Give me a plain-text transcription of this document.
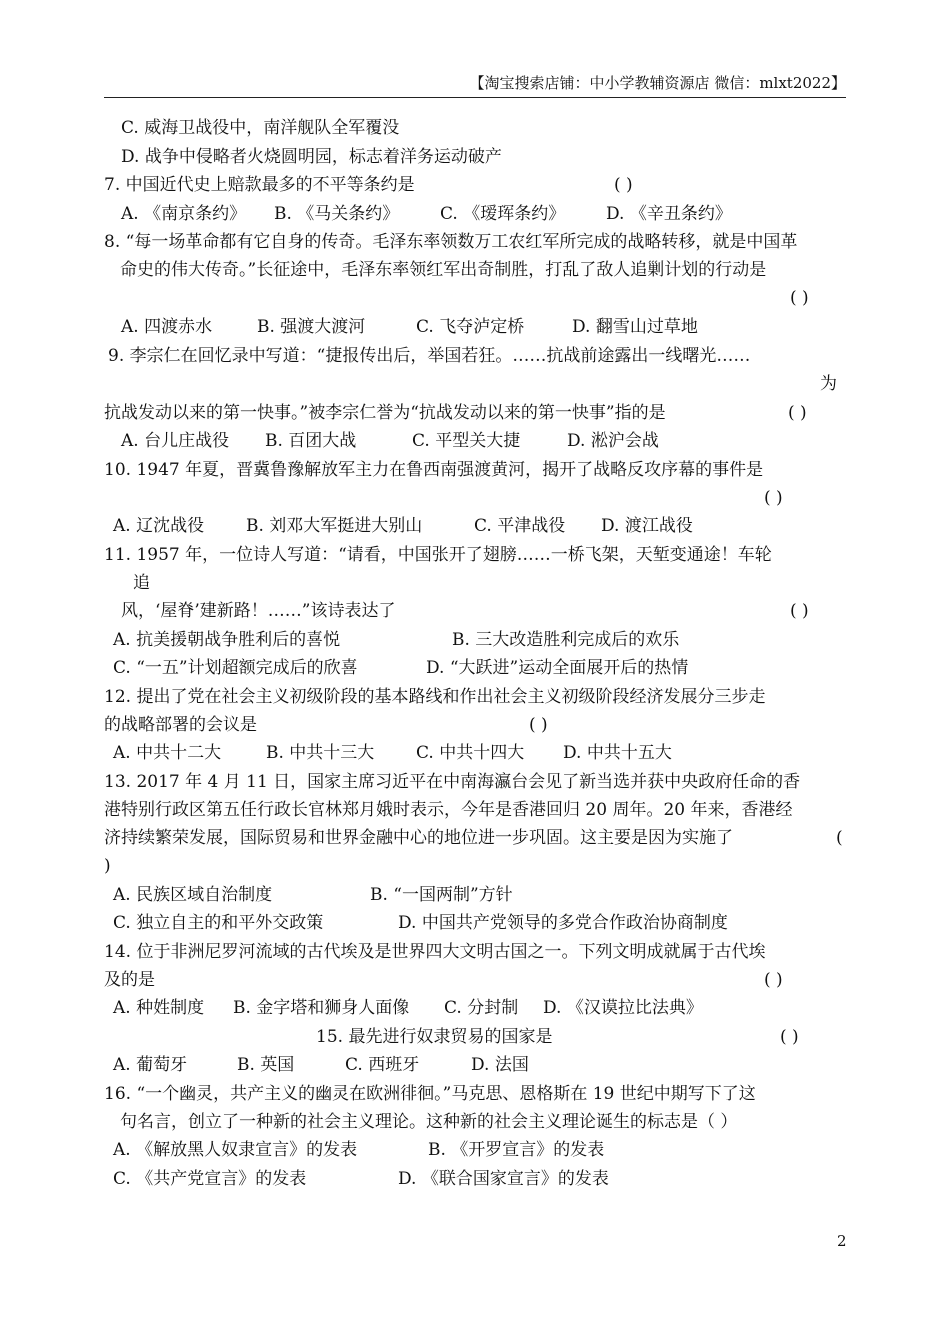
【淘宝搜索店铺：中小学教辅资源店 微信：mlxt2022】
C. 威海卫战役中，南洋舰队全军覆没
D. 战争中侵略者火烧圆明园，标志着洋务运动破产
7. 中国近代史上赔款最多的不平等条约是	( )
A. 《南京条约》 B. 《马关条约》 C. 《瑷珲条约》 D. 《辛丑条约》
8. “每一场革命都有它自身的传奇。毛泽东率领数万工农红军所完成的战略转移，就是中国革
命史的伟大传奇。”长征途中，毛泽东率领红军出奇制胜，打乱了敌人追剿计划的行动是
( )
A. 四渡赤水	B. 强渡大渡河	C. 飞夺泸定桥	D. 翻雪山过草地
9. 李宗仁在回忆录中写道：“捷报传出后，举国若狂。……抗战前途露出一线曙光……
为
抗战发动以来的第一快事。”被李宗仁誉为“抗战发动以来的第一快事”指的是	( )
A. 台儿庄战役 B. 百团大战	C. 平型关大捷	D. 淞沪会战
10. 1947 年夏，晋冀鲁豫解放军主力在鲁西南强渡黄河，揭开了战略反攻序幕的事件是
( )
A. 辽沈战役 B. 刘邓大军挺进大别山	C. 平津战役 D. 渡江战役
11. 1957 年，一位诗人写道：“请看，中国张开了翅膀……一桥飞架，天堑变通途！车轮
追
风，‘屋脊’建新路！……”该诗表达了	( )
A. 抗美援朝战争胜利后的喜悦	B. 三大改造胜利完成后的欢乐
C. “一五”计划超额完成后的欣喜	D. “大跃进”运动全面展开后的热情
12. 提出了党在社会主义初级阶段的基本路线和作出社会主义初级阶段经济发展分三步走
的战略部署的会议是	( )
A. 中共十二大	B. 中共十三大 C. 中共十四大 D. 中共十五大
13. 2017 年 4 月 11 日，国家主席习近平在中南海瀛台会见了新当选并获中央政府任命的香
港特别行政区第五任行政长官林郑月娥时表示，今年是香港回归 20 周年。20 年来，香港经
济持续繁荣发展，国际贸易和世界金融中心的地位进一步巩固。这主要是因为实施了	(
)
A. 民族区域自治制度	B. “一国两制”方针
C. 独立自主的和平外交政策	D. 中国共产党领导的多党合作政治协商制度
14. 位于非洲尼罗河流域的古代埃及是世界四大文明古国之一。下列文明成就属于古代埃
及的是	( )
A. 种姓制度 B. 金字塔和狮身人面像 C. 分封制 D. 《汉谟拉比法典》
15. 最先进行奴隶贸易的国家是	( )
A. 葡萄牙	B. 英国	C. 西班牙	D. 法国
16. “一个幽灵，共产主义的幽灵在欧洲徘徊。”马克思、恩格斯在 19 世纪中期写下了这
句名言，创立了一种新的社会主义理论。这种新的社会主义理论诞生的标志是（ ）
A. 《解放黑人奴隶宣言》的发表	B. 《开罗宣言》的发表
C. 《共产党宣言》的发表	D. 《联合国家宣言》的发表
2
